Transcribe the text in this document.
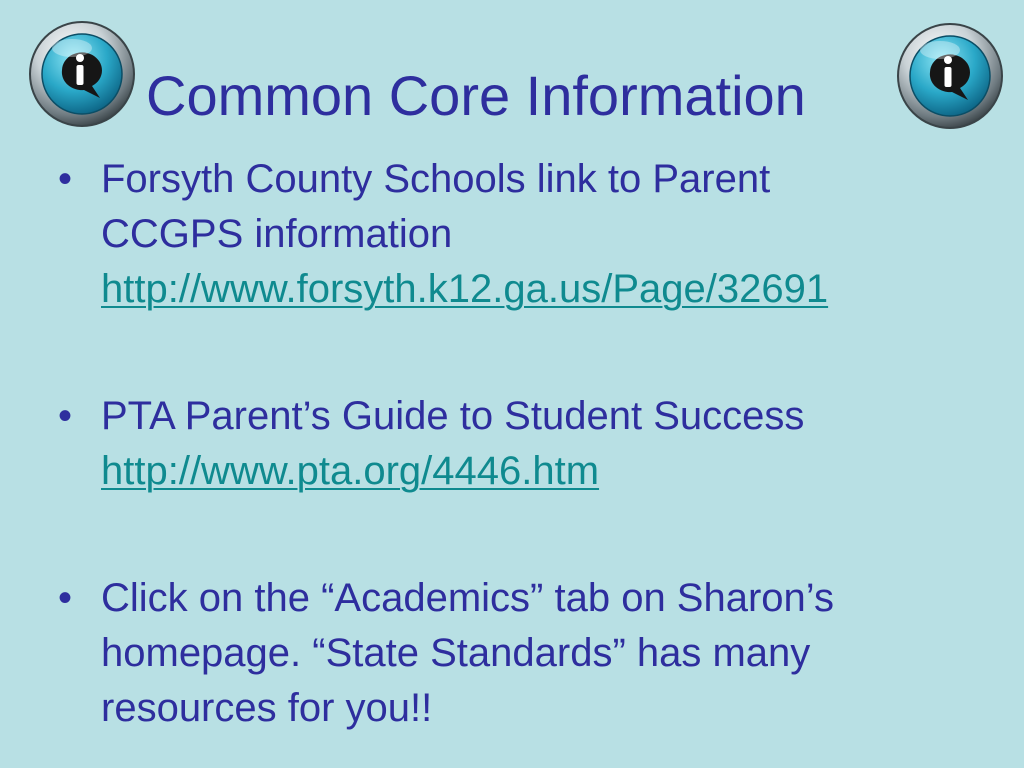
Common Core Information
• Forsyth County Schools link to Parent
CCGPS information
http://www.forsyth.k12.ga.us/Page/32691
• PTA Parent’s Guide to Student Success
http://www.pta.org/4446.htm
• Click on the “Academics” tab on Sharon’s
homepage. “State Standards” has many
resources for you!!
